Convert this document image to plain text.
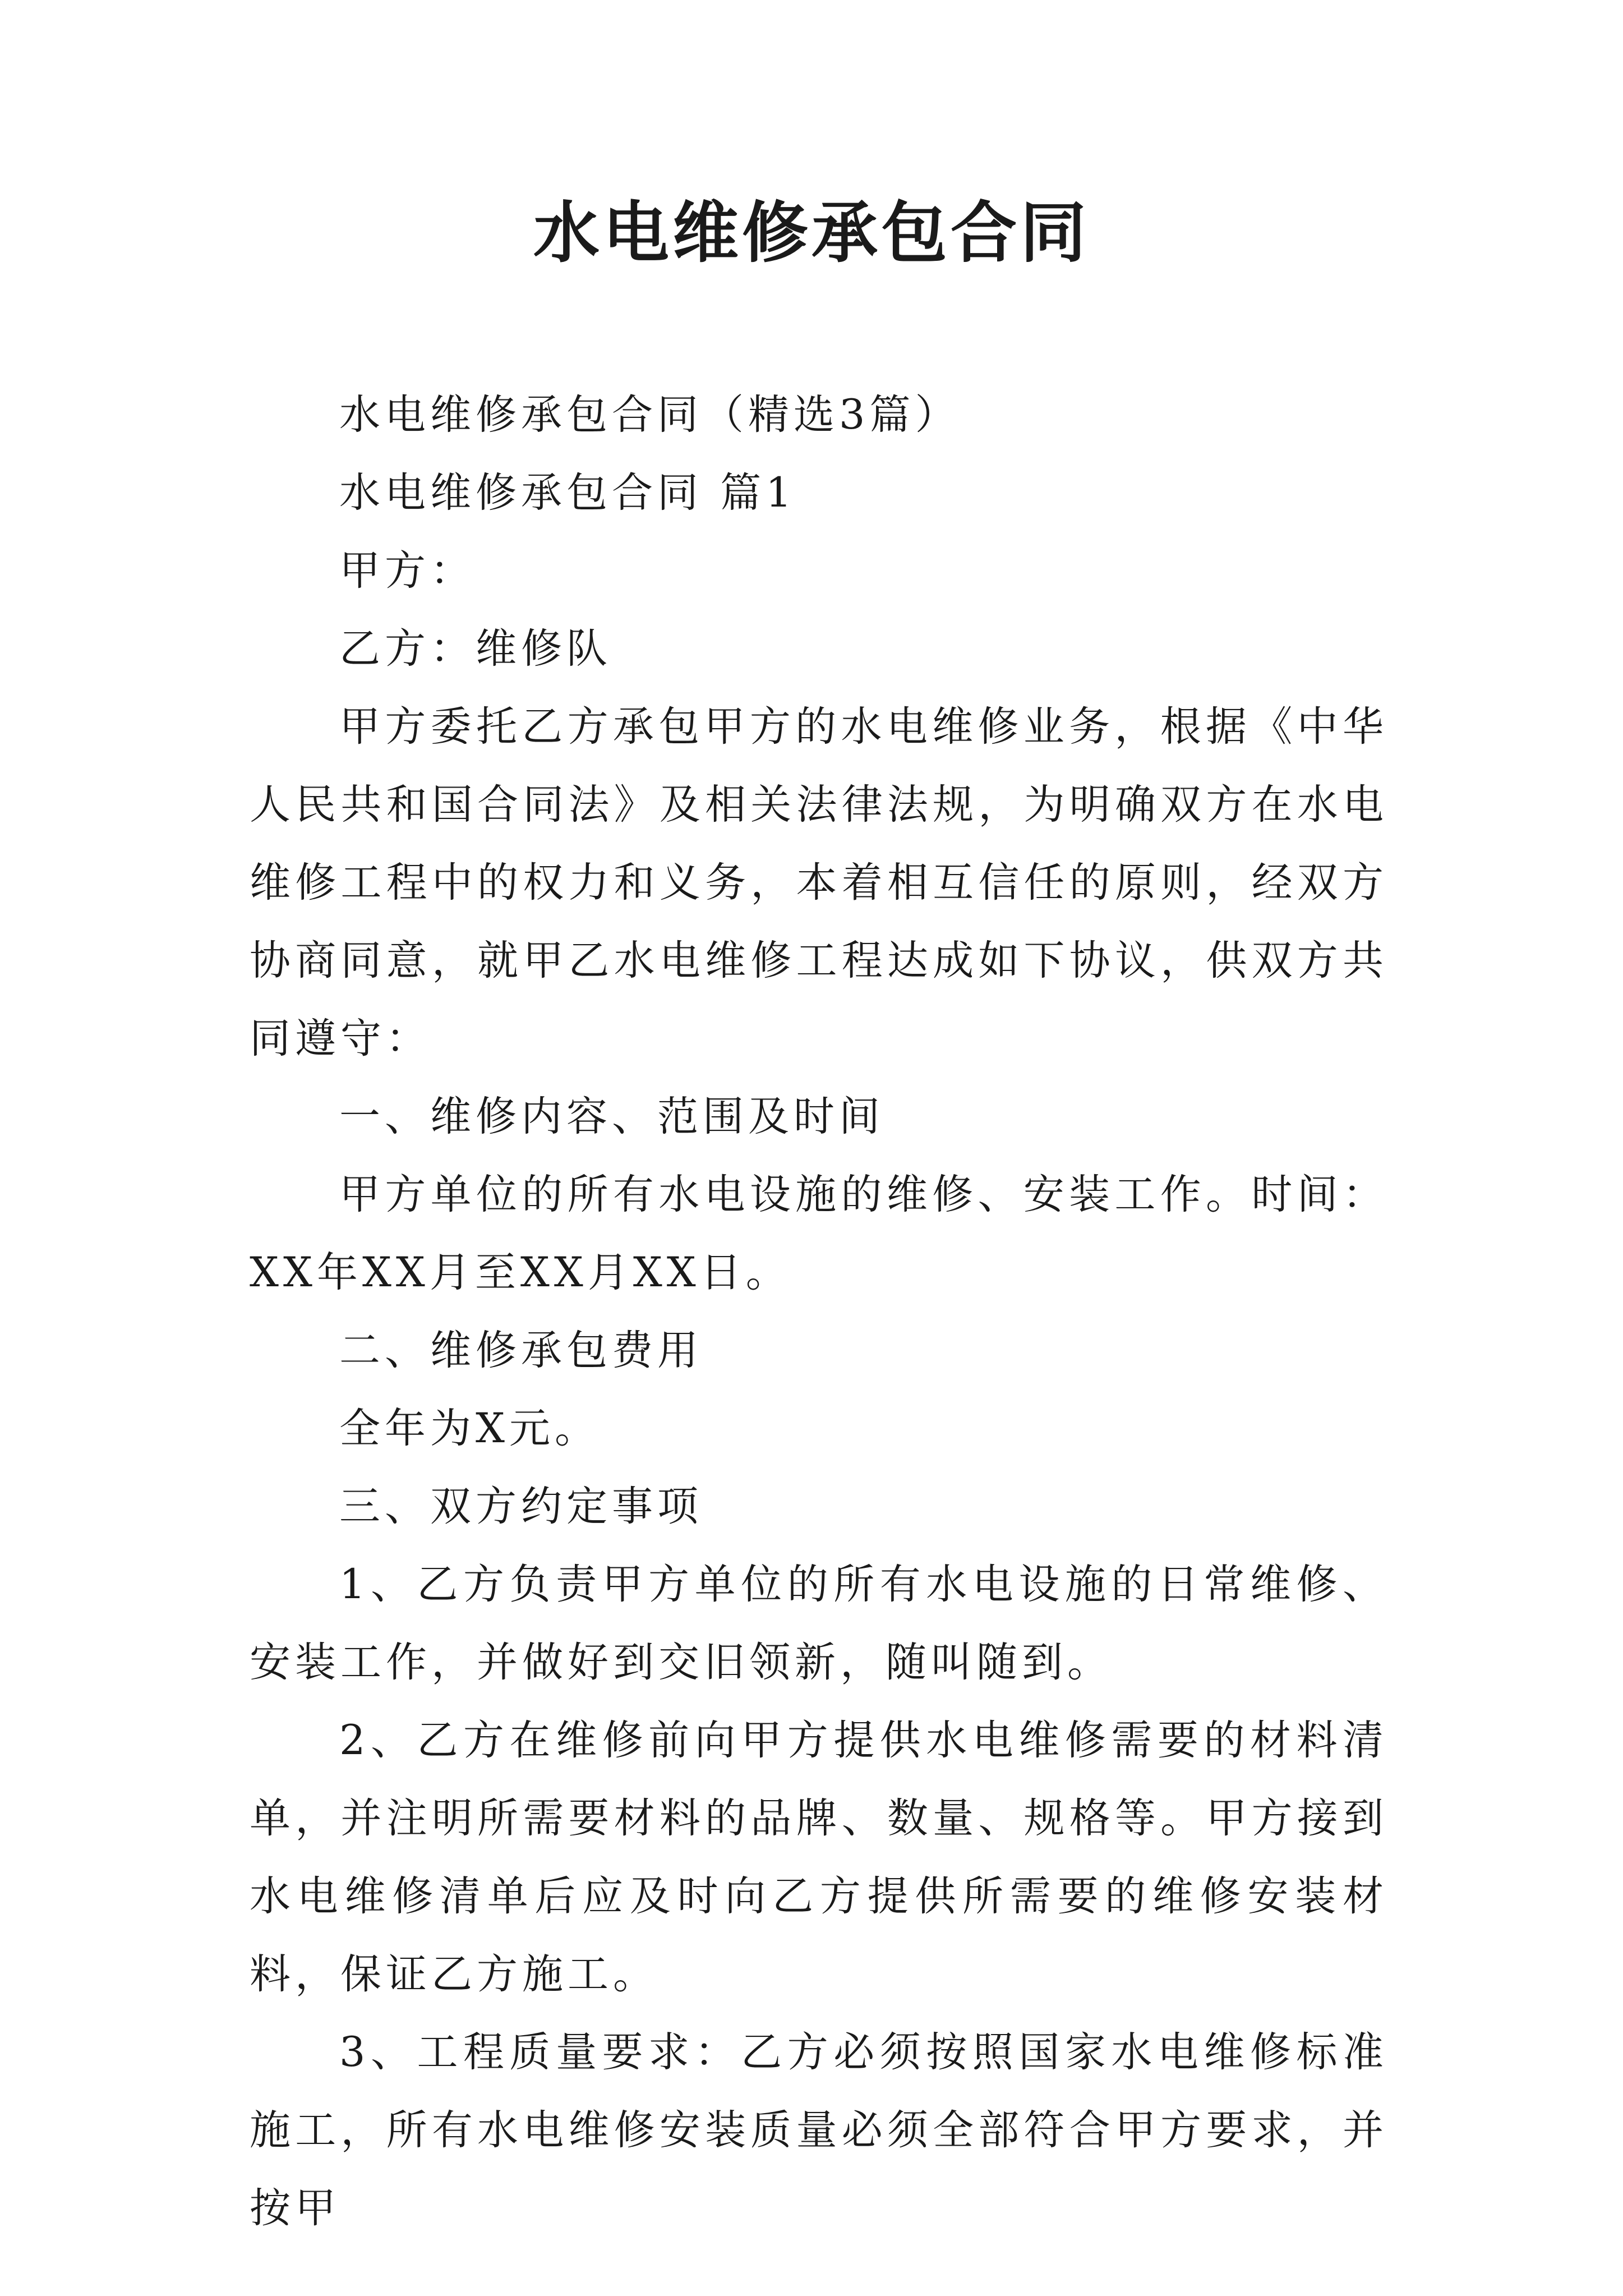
水电维修承包合同

水电维修承包合同（精选3篇）

水电维修承包合同 篇1

甲方：

乙方：维修队

甲方委托乙方承包甲方的水电维修业务，根据《中华人民共和国合同法》及相关法律法规，为明确双方在水电维修工程中的权力和义务，本着相互信任的原则，经双方协商同意，就甲乙水电维修工程达成如下协议，供双方共同遵守：

一、维修内容、范围及时间

甲方单位的所有水电设施的维修、安装工作。时间：XX年XX月至XX月XX日。

二、维修承包费用

全年为X元。

三、双方约定事项

1、乙方负责甲方单位的所有水电设施的日常维修、安装工作，并做好到交旧领新，随叫随到。

2、乙方在维修前向甲方提供水电维修需要的材料清单，并注明所需要材料的品牌、数量、规格等。甲方接到水电维修清单后应及时向乙方提供所需要的维修安装材料，保证乙方施工。

3、工程质量要求：乙方必须按照国家水电维修标准施工，所有水电维修安装质量必须全部符合甲方要求，并按甲
